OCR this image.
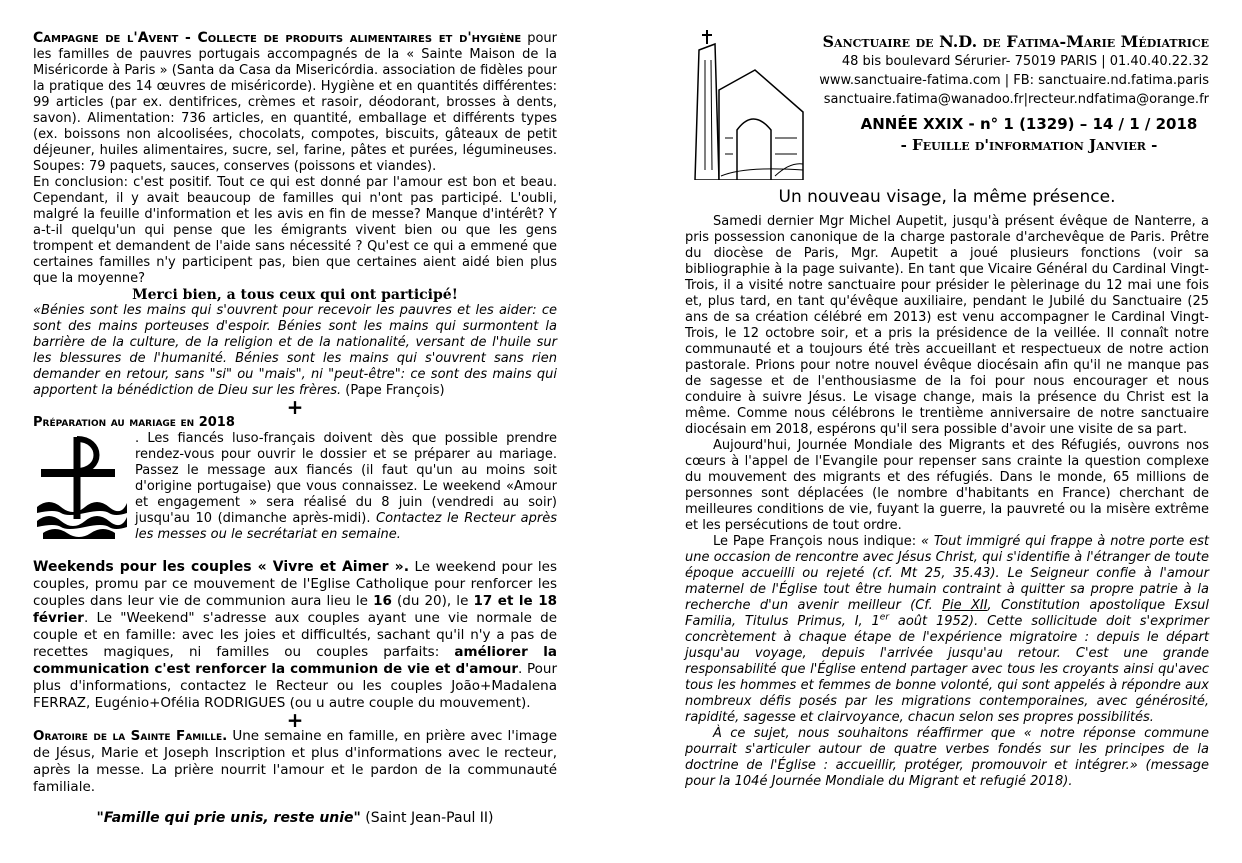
Campagne de l'Avent - Collecte de produits alimentaires et d'hygiène pour les familles de pauvres portugais accompagnés de la « Sainte Maison de la Miséricorde à Paris » (Santa da Casa da Misericórdia. association de fidèles pour la pratique des 14 œuvres de miséricorde). Hygiène et en quantités différentes: 99 articles (par ex. dentifrices, crèmes et rasoir, déodorant, brosses à dents, savon). Alimentation: 736 articles, en quantité, emballage et différents types (ex. boissons non alcoolisées, chocolats, compotes, biscuits, gâteaux de petit déjeuner, huiles alimentaires, sucre, sel, farine, pâtes et purées, légumineuses. Soupes: 79 paquets, sauces, conserves (poissons et viandes).

En conclusion: c'est positif. Tout ce qui est donné par l'amour est bon et beau. Cependant, il y avait beaucoup de familles qui n'ont pas participé. L'oubli, malgré la feuille d'information et les avis en fin de messe? Manque d'intérêt? Y a-t-il quelqu'un qui pense que les émigrants vivent bien ou que les gens trompent et demandent de l'aide sans nécessité ? Qu'est ce qui a emmené que certaines familles n'y participent pas, bien que certaines aient aidé bien plus que la moyenne?

Merci bien, a tous ceux qui ont participé!

«Bénies sont les mains qui s'ouvrent pour recevoir les pauvres et les aider: ce sont des mains porteuses d'espoir. Bénies sont les mains qui surmontent la barrière de la culture, de la religion et de la nationalité, versant de l'huile sur les blessures de l'humanité. Bénies sont les mains qui s'ouvrent sans rien demander en retour, sans "si" ou "mais", ni "peut-être": ce sont des mains qui apportent la bénédiction de Dieu sur les frères. (Pape François)

+

Préparation au mariage en 2018

. Les fiancés luso-français doivent dès que possible prendre rendez-vous pour ouvrir le dossier et se préparer au mariage. Passez le message aux fiancés (il faut qu'un au moins soit d'origine portugaise) que vous connaissez. Le weekend «Amour et engagement » sera réalisé du 8 juin (vendredi au soir) jusqu'au 10 (dimanche après-midi). Contactez le Recteur après les messes ou le secrétariat en semaine.

Weekends pour les couples « Vivre et Aimer ». Le weekend pour les couples, promu par ce mouvement de l'Eglise Catholique pour renforcer les couples dans leur vie de communion aura lieu le 16 (du 20), le 17 et le 18 février. Le "Weekend" s'adresse aux couples ayant une vie normale de couple et en famille: avec les joies et difficultés, sachant qu'il n'y a pas de recettes magiques, ni familles ou couples parfaits: améliorer la communication c'est renforcer la communion de vie et d'amour. Pour plus d'informations, contactez le Recteur ou les couples João+Madalena FERRAZ, Eugénio+Ofélia RODRIGUES (ou u autre couple du mouvement).

+

Oratoire de la Sainte Famille. Une semaine en famille, en prière avec l'image de Jésus, Marie et Joseph Inscription et plus d'informations avec le recteur, après la messe. La prière nourrit l'amour et le pardon de la communauté familiale.

"Famille qui prie unis, reste unie" (Saint Jean-Paul II)

Sanctuaire de N.D. de Fatima-Marie Médiatrice
48 bis boulevard Sérurier- 75019 PARIS | 01.40.40.22.32
www.sanctuaire-fatima.com | FB: sanctuaire.nd.fatima.paris
sanctuaire.fatima@wanadoo.fr|recteur.ndfatima@orange.fr
ANNÉE XXIX - n° 1 (1329) – 14 / 1 / 2018
- Feuille d'information Janvier -
Un nouveau visage, la même présence.

Samedi dernier Mgr Michel Aupetit, jusqu'à présent évêque de Nanterre, a pris possession canonique de la charge pastorale d'archevêque de Paris. Prêtre du diocèse de Paris, Mgr. Aupetit a joué plusieurs fonctions (voir sa bibliographie à la page suivante). En tant que Vicaire Général du Cardinal Vingt-Trois, il a visité notre sanctuaire pour présider le pèlerinage du 12 mai une fois et, plus tard, en tant qu'évêque auxiliaire, pendant le Jubilé du Sanctuaire (25 ans de sa création célébré em 2013) est venu accompagner le Cardinal Vingt-Trois, le 12 octobre soir, et a pris la présidence de la veillée. Il connaît notre communauté et a toujours été très accueillant et respectueux de notre action pastorale. Prions pour notre nouvel évêque diocésain afin qu'il ne manque pas de sagesse et de l'enthousiasme de la foi pour nous encourager et nous conduire à suivre Jésus. Le visage change, mais la présence du Christ est la même. Comme nous célébrons le trentième anniversaire de notre sanctuaire diocésain em 2018, espérons qu'il sera possible d'avoir une visite de sa part.

Aujourd'hui, Journée Mondiale des Migrants et des Réfugiés, ouvrons nos cœurs à l'appel de l'Evangile pour repenser sans crainte la question complexe du mouvement des migrants et des réfugiés. Dans le monde, 65 millions de personnes sont déplacées (le nombre d'habitants en France) cherchant de meilleures conditions de vie, fuyant la guerre, la pauvreté ou la misère extrême et les persécutions de tout ordre.

Le Pape François nous indique: « Tout immigré qui frappe à notre porte est une occasion de rencontre avec Jésus Christ, qui s'identifie à l'étranger de toute époque accueilli ou rejeté (cf. Mt 25, 35.43). Le Seigneur confie à l'amour maternel de l'Église tout être humain contraint à quitter sa propre patrie à la recherche d'un avenir meilleur (Cf. Pie XII, Constitution apostolique Exsul Familia, Titulus Primus, I, 1er août 1952). Cette sollicitude doit s'exprimer concrètement à chaque étape de l'expérience migratoire : depuis le départ jusqu'au voyage, depuis l'arrivée jusqu'au retour. C'est une grande responsabilité que l'Église entend partager avec tous les croyants ainsi qu'avec tous les hommes et femmes de bonne volonté, qui sont appelés à répondre aux nombreux défis posés par les migrations contemporaines, avec générosité, rapidité, sagesse et clairvoyance, chacun selon ses propres possibilités.

À ce sujet, nous souhaitons réaffirmer que « notre réponse commune pourrait s'articuler autour de quatre verbes fondés sur les principes de la doctrine de l'Église : accueillir, protéger, promouvoir et intégrer.» (message pour la 104é Journée Mondiale du Migrant et refugié 2018).
